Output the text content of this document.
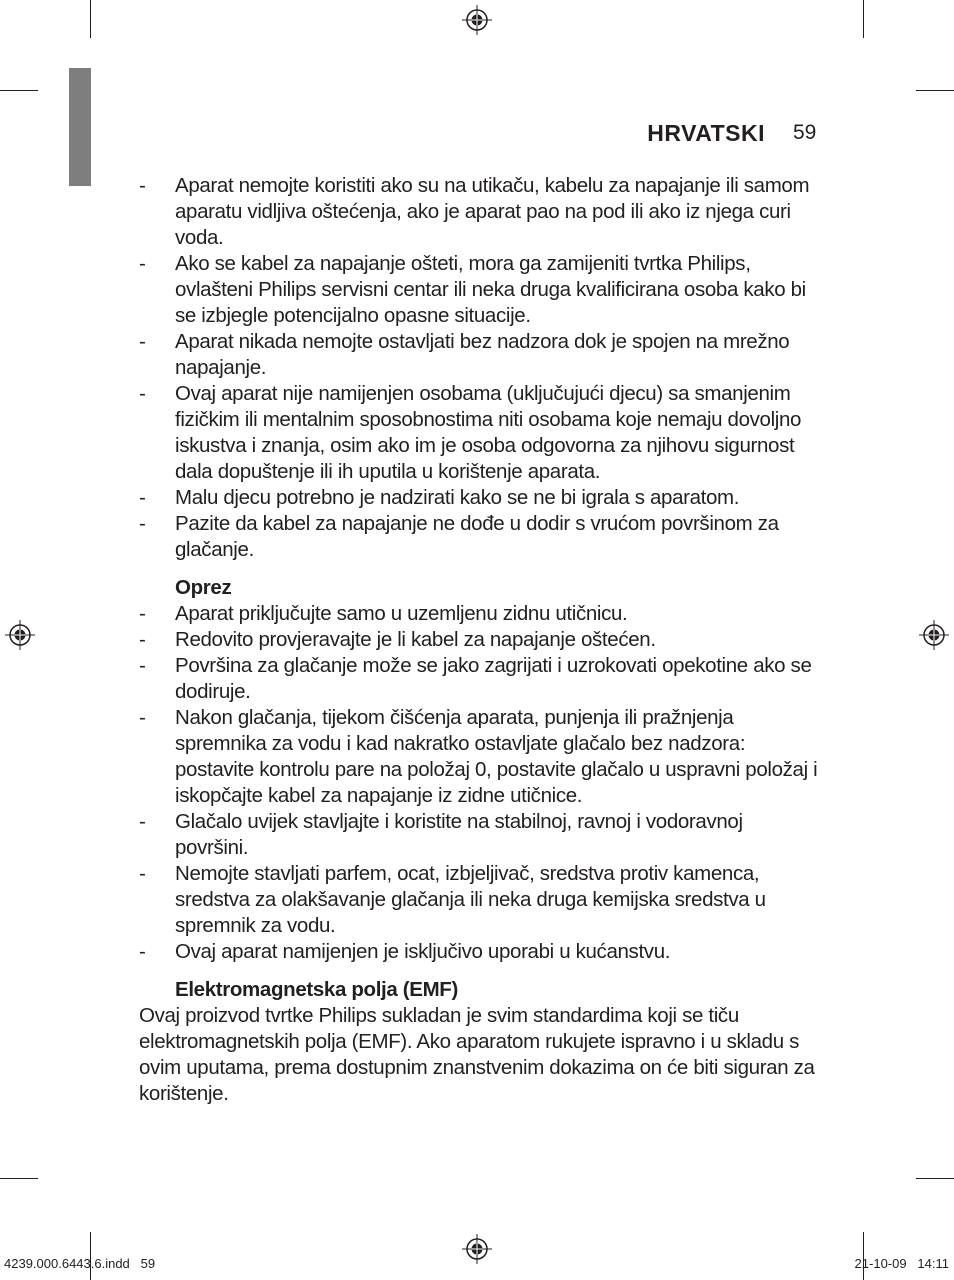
HRVATSKI 59
- Aparat nemojte koristiti ako su na utikaču, kabelu za napajanje ili samom aparatu vidljiva oštećenja, ako je aparat pao na pod ili ako iz njega curi voda.
- Ako se kabel za napajanje ošteti, mora ga zamijeniti tvrtka Philips, ovlašteni Philips servisni centar ili neka druga kvalificirana osoba kako bi se izbjegle potencijalno opasne situacije.
- Aparat nikada nemojte ostavljati bez nadzora dok je spojen na mrežno napajanje.
- Ovaj aparat nije namijenjen osobama (uključujući djecu) sa smanjenim fizičkim ili mentalnim sposobnostima niti osobama koje nemaju dovoljno iskustva i znanja, osim ako im je osoba odgovorna za njihovu sigurnost dala dopuštenje ili ih uputila u korištenje aparata.
- Malu djecu potrebno je nadzirati kako se ne bi igrala s aparatom.
- Pazite da kabel za napajanje ne dođe u dodir s vrućom površinom za glačanje.
Oprez
- Aparat priključujte samo u uzemljenu zidnu utičnicu.
- Redovito provjeravajte je li kabel za napajanje oštećen.
- Površina za glačanje može se jako zagrijati i uzrokovati opekotine ako se dodiruje.
- Nakon glačanja, tijekom čišćenja aparata, punjenja ili pražnjenja spremnika za vodu i kad nakratko ostavljate glačalo bez nadzora: postavite kontrolu pare na položaj 0, postavite glačalo u uspravni položaj i iskopčajte kabel za napajanje iz zidne utičnice.
- Glačalo uvijek stavljajte i koristite na stabilnoj, ravnoj i vodoravnoj površini.
- Nemojte stavljati parfem, ocat, izbjeljivač, sredstva protiv kamenca, sredstva za olakšavanje glačanja ili neka druga kemijska sredstva u spremnik za vodu.
- Ovaj aparat namijenjen je isključivo uporabi u kućanstvu.
Elektromagnetska polja (EMF)

Ovaj proizvod tvrtke Philips sukladan je svim standardima koji se tiču elektromagnetskih polja (EMF). Ako aparatom rukujete ispravno i u skladu s ovim uputama, prema dostupnim znanstvenim dokazima on će biti siguran za korištenje.

4239.000.6443.6.indd   59	21-10-09   14:11
